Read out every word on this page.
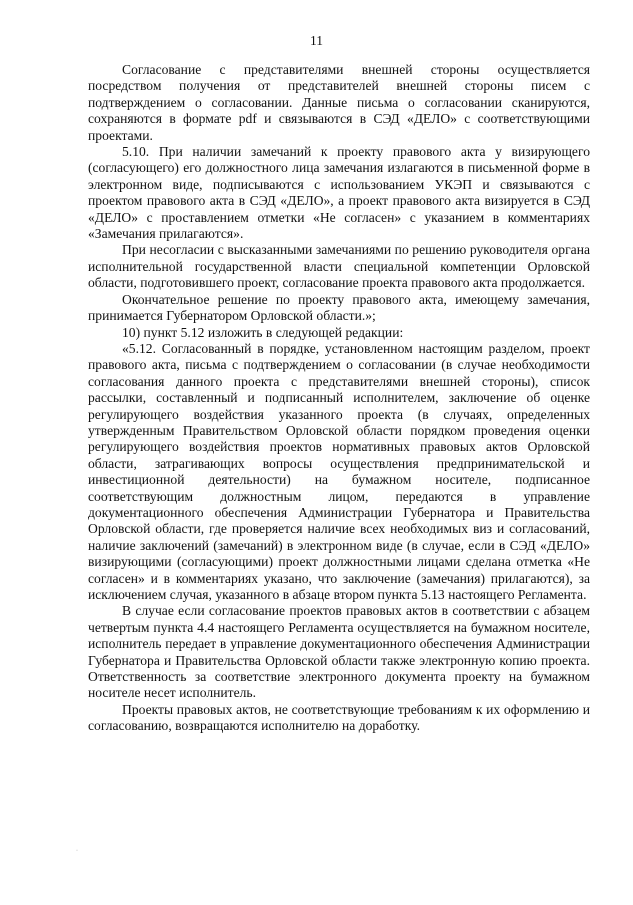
11

Согласование с представителями внешней стороны осуществляется посредством получения от представителей внешней стороны писем с подтверждением о согласовании. Данные письма о согласовании сканируются, сохраняются в формате pdf и связываются в СЭД «ДЕЛО» с соответствующими проектами.

5.10. При наличии замечаний к проекту правового акта у визирующего (согласующего) его должностного лица замечания излагаются в письменной форме в электронном виде, подписываются с использованием УКЭП и связываются с проектом правового акта в СЭД «ДЕЛО», а проект правового акта визируется в СЭД «ДЕЛО» с проставлением отметки «Не согласен» с указанием в комментариях «Замечания прилагаются».

При несогласии с высказанными замечаниями по решению руководителя органа исполнительной государственной власти специальной компетенции Орловской области, подготовившего проект, согласование проекта правового акта продолжается.

Окончательное решение по проекту правового акта, имеющему замечания, принимается Губернатором Орловской области.»;

10) пункт 5.12 изложить в следующей редакции:

«5.12. Согласованный в порядке, установленном настоящим разделом, проект правового акта, письма с подтверждением о согласовании (в случае необходимости согласования данного проекта с представителями внешней стороны), список рассылки, составленный и подписанный исполнителем, заключение об оценке регулирующего воздействия указанного проекта (в случаях, определенных утвержденным Правительством Орловской области порядком проведения оценки регулирующего воздействия проектов нормативных правовых актов Орловской области, затрагивающих вопросы осуществления предпринимательской и инвестиционной деятельности) на бумажном носителе, подписанное соответствующим должностным лицом, передаются в управление документационного обеспечения Администрации Губернатора и Правительства Орловской области, где проверяется наличие всех необходимых виз и согласований, наличие заключений (замечаний) в электронном виде (в случае, если в СЭД «ДЕЛО» визирующими (согласующими) проект должностными лицами сделана отметка «Не согласен» и в комментариях указано, что заключение (замечания) прилагаются), за исключением случая, указанного в абзаце втором пункта 5.13 настоящего Регламента.

В случае если согласование проектов правовых актов в соответствии с абзацем четвертым пункта 4.4 настоящего Регламента осуществляется на бумажном носителе, исполнитель передает в управление документационного обеспечения Администрации Губернатора и Правительства Орловской области также электронную копию проекта. Ответственность за соответствие электронного документа проекту на бумажном носителе несет исполнитель.

Проекты правовых актов, не соответствующие требованиям к их оформлению и согласованию, возвращаются исполнителю на доработку.

·
